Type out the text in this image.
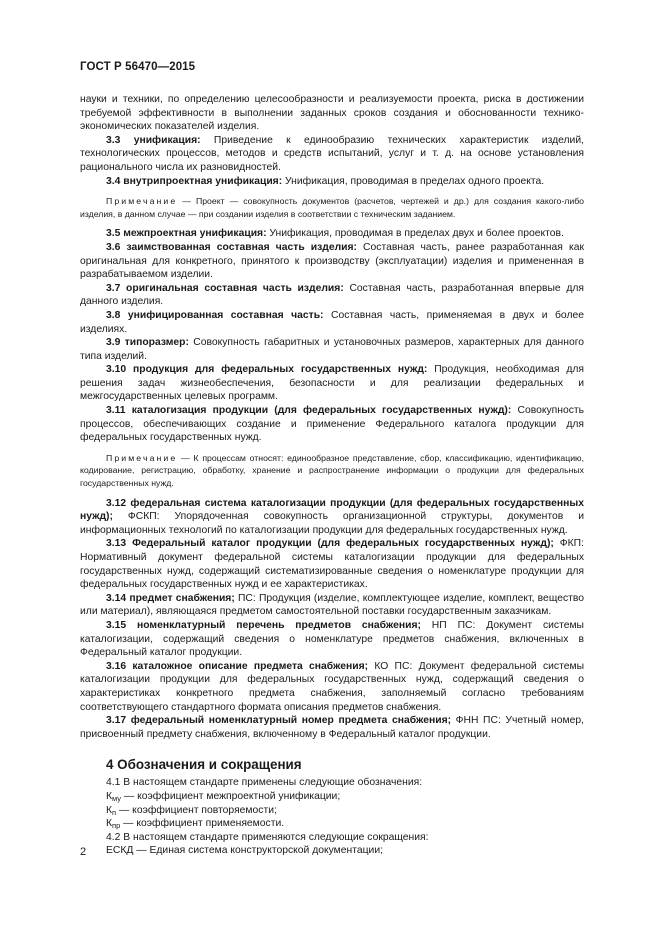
ГОСТ Р 56470—2015

науки и техники, по определению целесообразности и реализуемости проекта, риска в достижении требуемой эффективности в выполнении заданных сроков создания и обоснованности технико-экономических показателей изделия.

3.3 унификация: Приведение к единообразию технических характеристик изделий, технологических процессов, методов и средств испытаний, услуг и т. д. на основе установления рационального числа их разновидностей.

3.4 внутрипроектная унификация: Унификация, проводимая в пределах одного проекта.

Примечание — Проект — совокупность документов (расчетов, чертежей и др.) для создания какого-либо изделия, в данном случае — при создании изделия в соответствии с техническим заданием.

3.5 межпроектная унификация: Унификация, проводимая в пределах двух и более проектов.

3.6 заимствованная составная часть изделия: Составная часть, ранее разработанная как оригинальная для конкретного, принятого к производству (эксплуатации) изделия и примененная в разрабатываемом изделии.

3.7 оригинальная составная часть изделия: Составная часть, разработанная впервые для данного изделия.

3.8 унифицированная составная часть: Составная часть, применяемая в двух и более изделиях.

3.9 типоразмер: Совокупность габаритных и установочных размеров, характерных для данного типа изделий.

3.10 продукция для федеральных государственных нужд: Продукция, необходимая для решения задач жизнеобеспечения, безопасности и для реализации федеральных и межгосударственных целевых программ.

3.11 каталогизация продукции (для федеральных государственных нужд): Совокупность процессов, обеспечивающих создание и применение Федерального каталога продукции для федеральных государственных нужд.

Примечание — К процессам относят: единообразное представление, сбор, классификацию, идентификацию, кодирование, регистрацию, обработку, хранение и распространение информации о продукции для федеральных государственных нужд.

3.12 федеральная система каталогизации продукции (для федеральных государственных нужд); ФСКП: Упорядоченная совокупность организационной структуры, документов и информационных технологий по каталогизации продукции для федеральных государственных нужд.

3.13 Федеральный каталог продукции (для федеральных государственных нужд); ФКП: Нормативный документ федеральной системы каталогизации продукции для федеральных государственных нужд, содержащий систематизированные сведения о номенклатуре продукции для федеральных государственных нужд и ее характеристиках.

3.14 предмет снабжения; ПС: Продукция (изделие, комплектующее изделие, комплект, вещество или материал), являющаяся предметом самостоятельной поставки государственным заказчикам.

3.15 номенклатурный перечень предметов снабжения; НП ПС: Документ системы каталогизации, содержащий сведения о номенклатуре предметов снабжения, включенных в Федеральный каталог продукции.

3.16 каталожное описание предмета снабжения; КО ПС: Документ федеральной системы каталогизации продукции для федеральных государственных нужд, содержащий сведения о характеристиках конкретного предмета снабжения, заполняемый согласно требованиям соответствующего стандартного формата описания предметов снабжения.

3.17 федеральный номенклатурный номер предмета снабжения; ФНН ПС: Учетный номер, присвоенный предмету снабжения, включенному в Федеральный каталог продукции.

4 Обозначения и сокращения

4.1 В настоящем стандарте применены следующие обозначения:

$К_{му}$ — коэффициент межпроектной унификации;

$К_п$ — коэффициент повторяемости;

$К_{пр}$ — коэффициент применяемости.

4.2 В настоящем стандарте применяются следующие сокращения:

ЕСКД — Единая система конструкторской документации;

2
